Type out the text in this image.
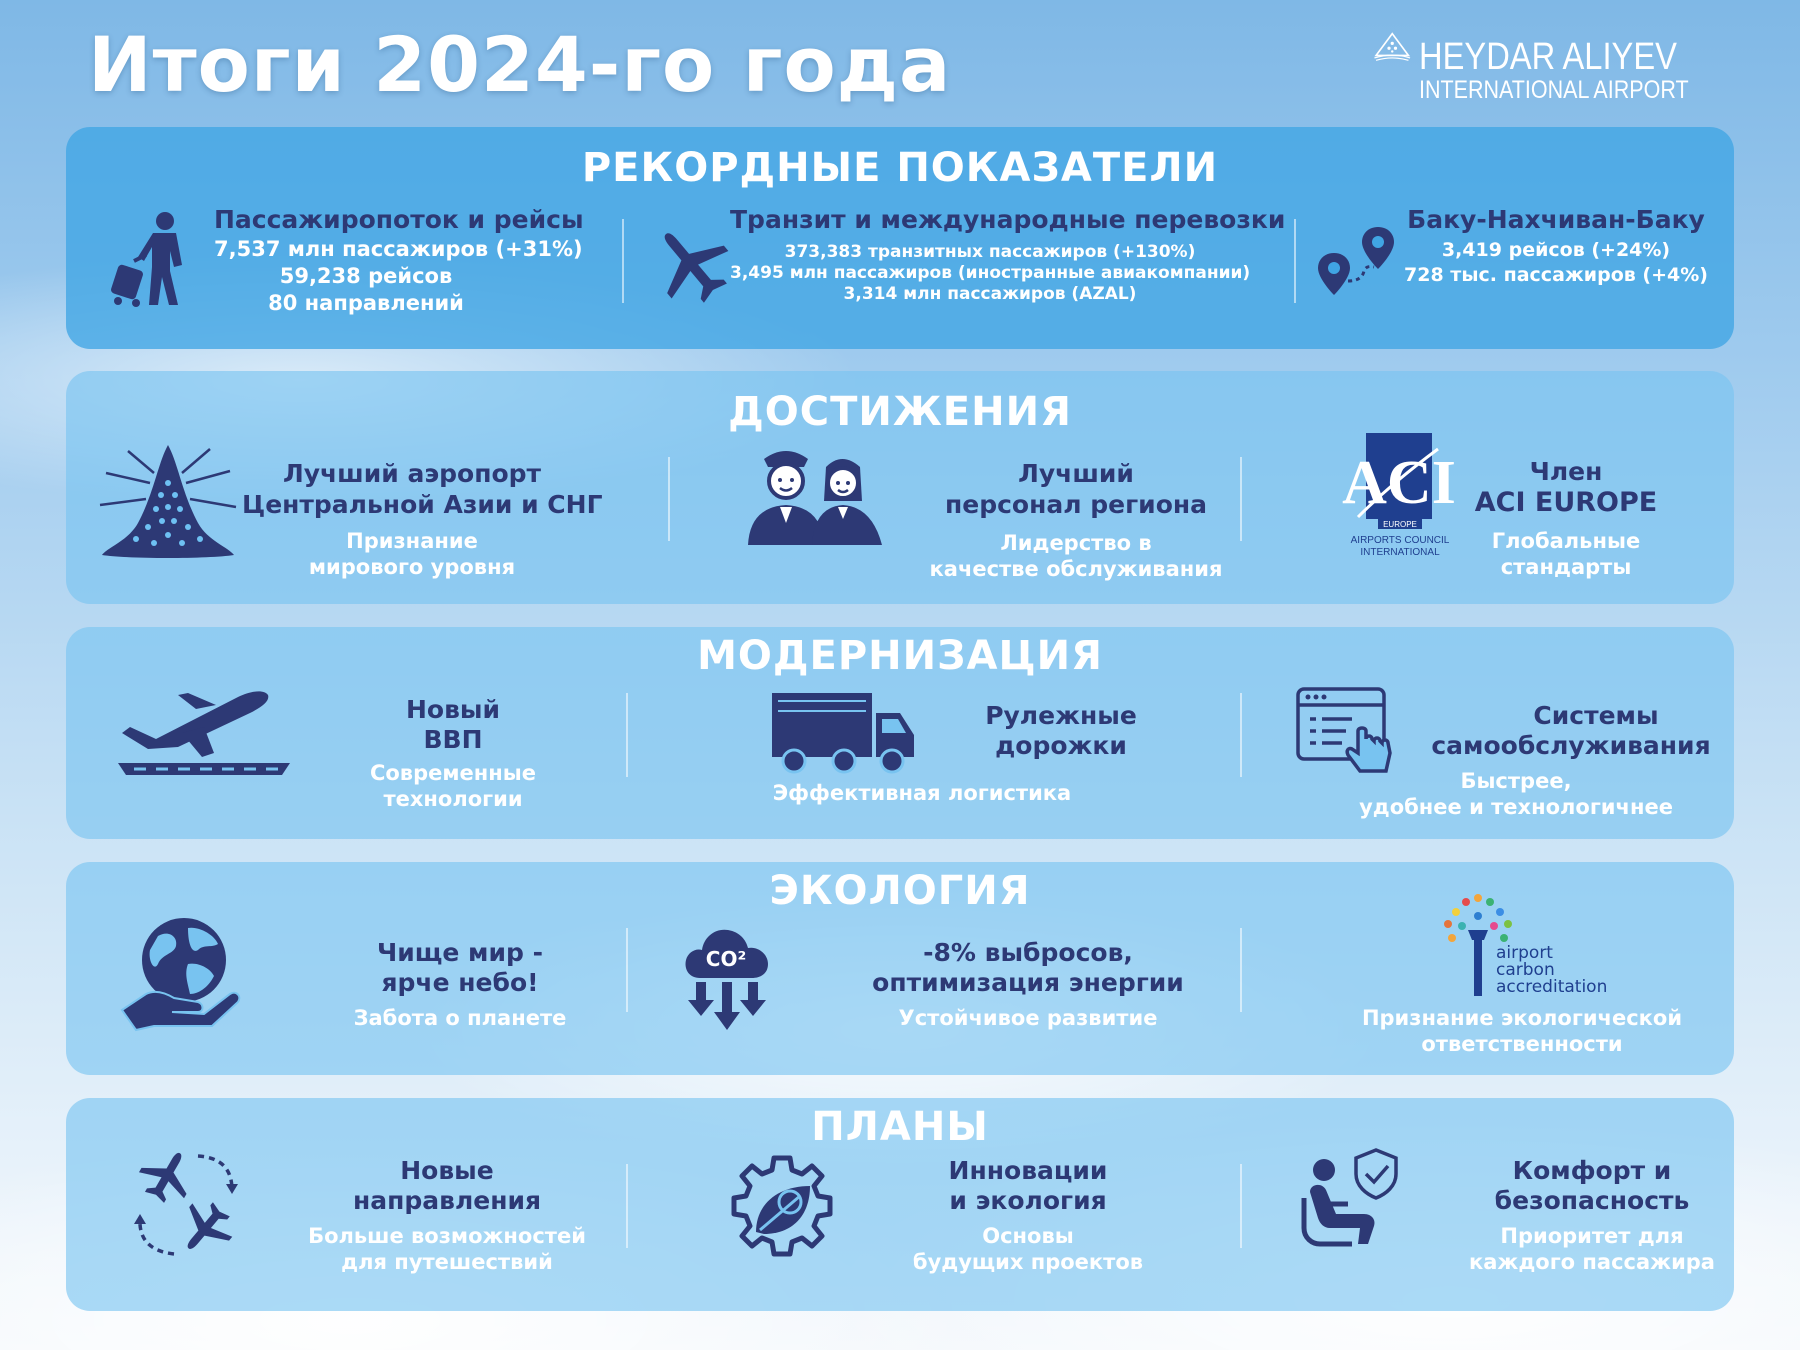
Итоги 2024-го года	HEYDAR ALIYEV
INTERNATIONAL AIRPORT
РЕКОРДНЫЕ ПОКАЗАТЕЛИ
Пассажиропоток и рейсы
7,537 млн пассажиров (+31%)
59,238 рейсов
80 направлений
Транзит и международные перевозки
373,383 транзитных пассажиров (+130%)
3,495 млн пассажиров (иностранные авиакомпании)
3,314 млн пассажиров (AZAL)
Баку-Нахчиван-Баку
3,419 рейсов (+24%)
728 тыс. пассажиров (+4%)
ДОСТИЖЕНИЯ
Лучший аэропорт
Центральной Азии и СНГ
Признание
мирового уровня
Лучший
персонал региона
Лидерство в
качестве обслуживания
ACI
EUROPE
AIRPORTS COUNCIL
INTERNATIONAL
Член
ACI EUROPE
Глобальные
стандарты
МОДЕРНИЗАЦИЯ
Новый
ВВП
Современные
технологии
Рулежные
дорожки
Эффективная логистика
Системы
самообслуживания
Быстрее,
удобнее и технологичнее
ЭКОЛОГИЯ
Чище мир -
ярче небо!
Забота о планете
CO²	-8% выбросов,
оптимизация энергии
Устойчивое развитие
airport
carbon
accreditation
Признание экологической
ответственности
ПЛАНЫ
Новые
направления
Больше возможностей
для путешествий
Инновации
и экология
Основы
будущих проектов
Комфорт и
безопасность
Приоритет для
каждого пассажира
